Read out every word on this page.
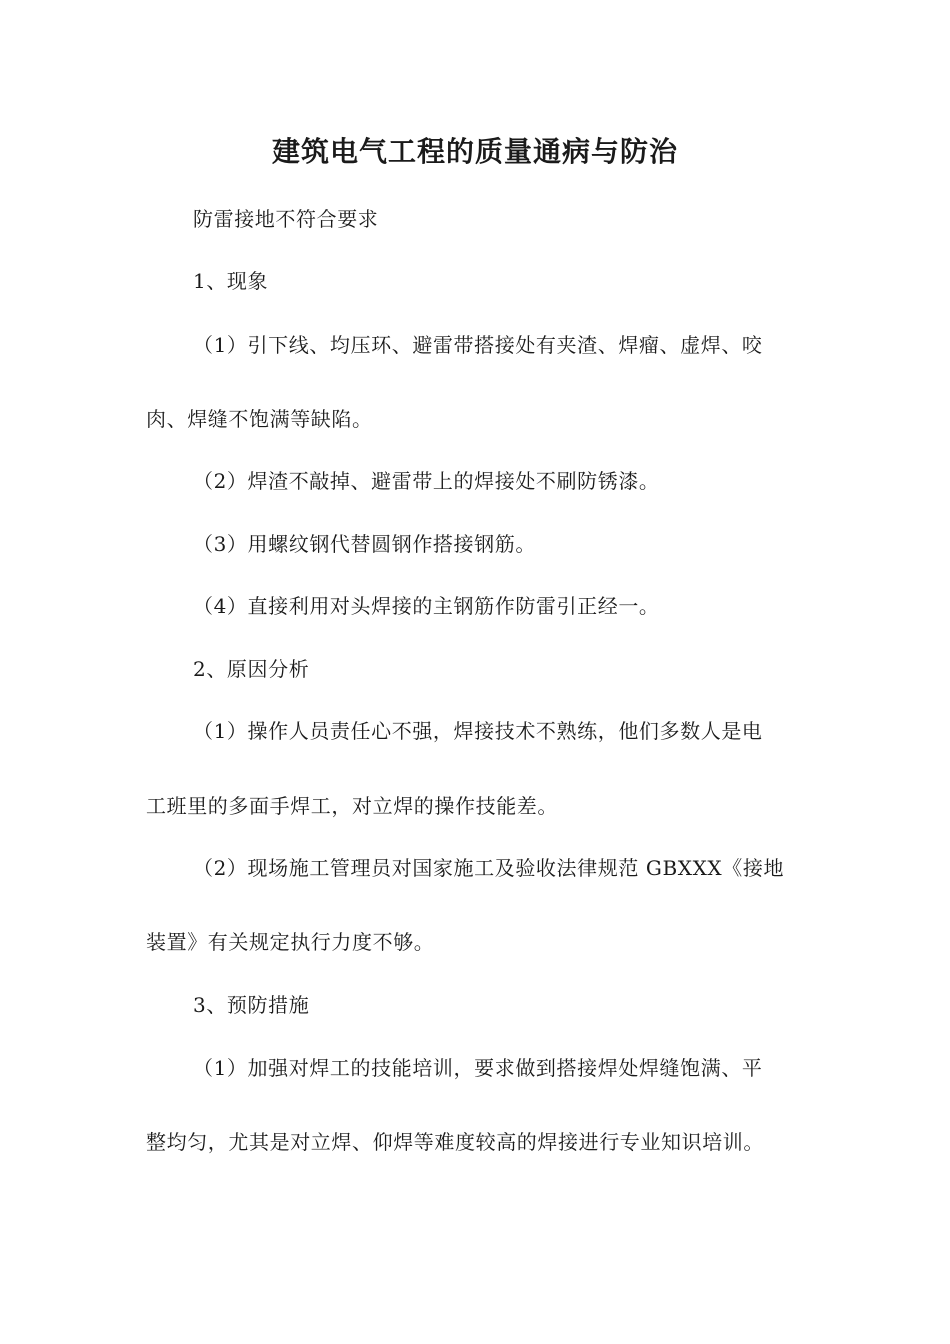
建筑电气工程的质量通病与防治
防雷接地不符合要求
1、现象
（1）引下线、均压环、避雷带搭接处有夹渣、焊瘤、虚焊、咬
肉、焊缝不饱满等缺陷。
（2）焊渣不敲掉、避雷带上的焊接处不刷防锈漆。
（3）用螺纹钢代替圆钢作搭接钢筋。
（4）直接利用对头焊接的主钢筋作防雷引正经一。
2、原因分析
（1）操作人员责任心不强，焊接技术不熟练，他们多数人是电
工班里的多面手焊工，对立焊的操作技能差。
（2）现场施工管理员对国家施工及验收法律规范 GBXXX《接地
装置》有关规定执行力度不够。
3、预防措施
（1）加强对焊工的技能培训，要求做到搭接焊处焊缝饱满、平
整均匀，尤其是对立焊、仰焊等难度较高的焊接进行专业知识培训。
